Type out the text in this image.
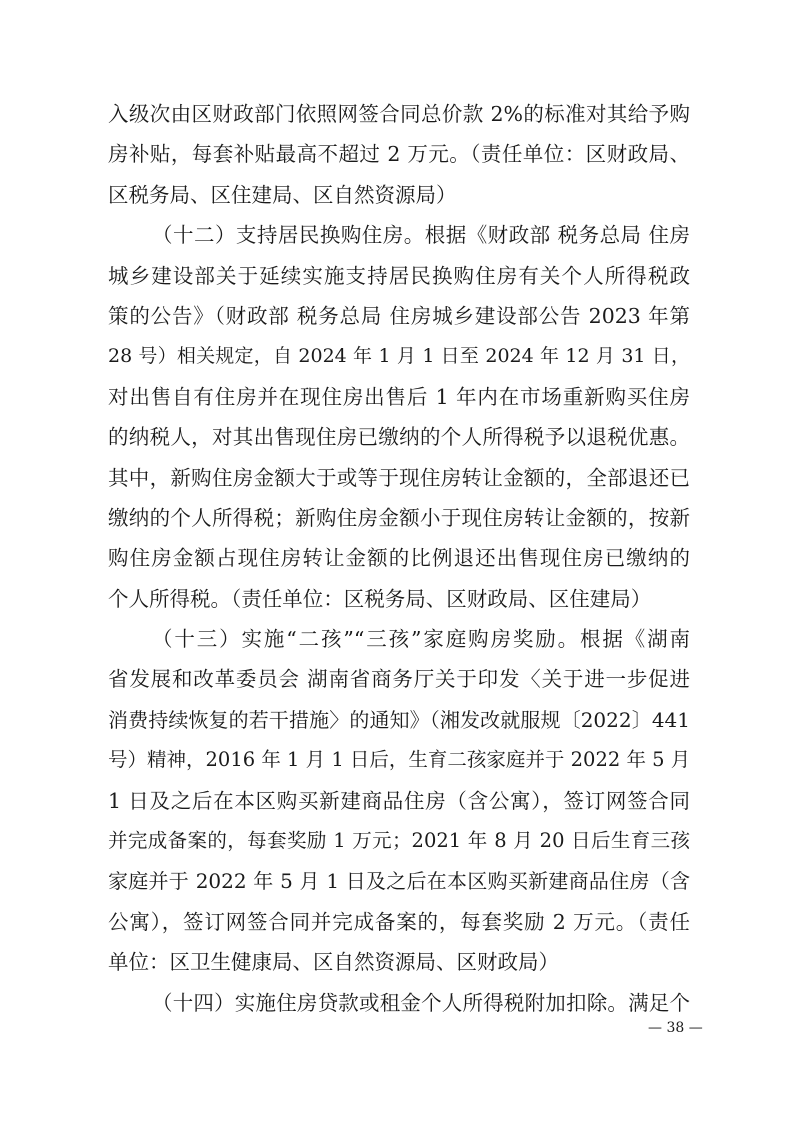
入级次由区财政部门依照网签合同总价款 2%的标准对其给予购
房补贴，每套补贴最高不超过 2 万元。（责任单位：区财政局、
区税务局、区住建局、区自然资源局）
（十二）支持居民换购住房。根据《财政部 税务总局 住房
城乡建设部关于延续实施支持居民换购住房有关个人所得税政
策的公告》（财政部 税务总局 住房城乡建设部公告 2023 年第
28 号）相关规定，自 2024 年 1 月 1 日至 2024 年 12 月 31 日，
对出售自有住房并在现住房出售后 1 年内在市场重新购买住房
的纳税人，对其出售现住房已缴纳的个人所得税予以退税优惠。
其中，新购住房金额大于或等于现住房转让金额的，全部退还已
缴纳的个人所得税；新购住房金额小于现住房转让金额的，按新
购住房金额占现住房转让金额的比例退还出售现住房已缴纳的
个人所得税。（责任单位：区税务局、区财政局、区住建局）
（十三）实施“二孩”“三孩”家庭购房奖励。根据《湖南
省发展和改革委员会 湖南省商务厅关于印发〈关于进一步促进
消费持续恢复的若干措施〉的通知》（湘发改就服规〔2022〕441
号）精神，2016 年 1 月 1 日后，生育二孩家庭并于 2022 年 5 月
1 日及之后在本区购买新建商品住房（含公寓），签订网签合同
并完成备案的，每套奖励 1 万元；2021 年 8 月 20 日后生育三孩
家庭并于 2022 年 5 月 1 日及之后在本区购买新建商品住房（含
公寓），签订网签合同并完成备案的，每套奖励 2 万元。（责任
单位：区卫生健康局、区自然资源局、区财政局）
（十四）实施住房贷款或租金个人所得税附加扣除。满足个
— 38 —
